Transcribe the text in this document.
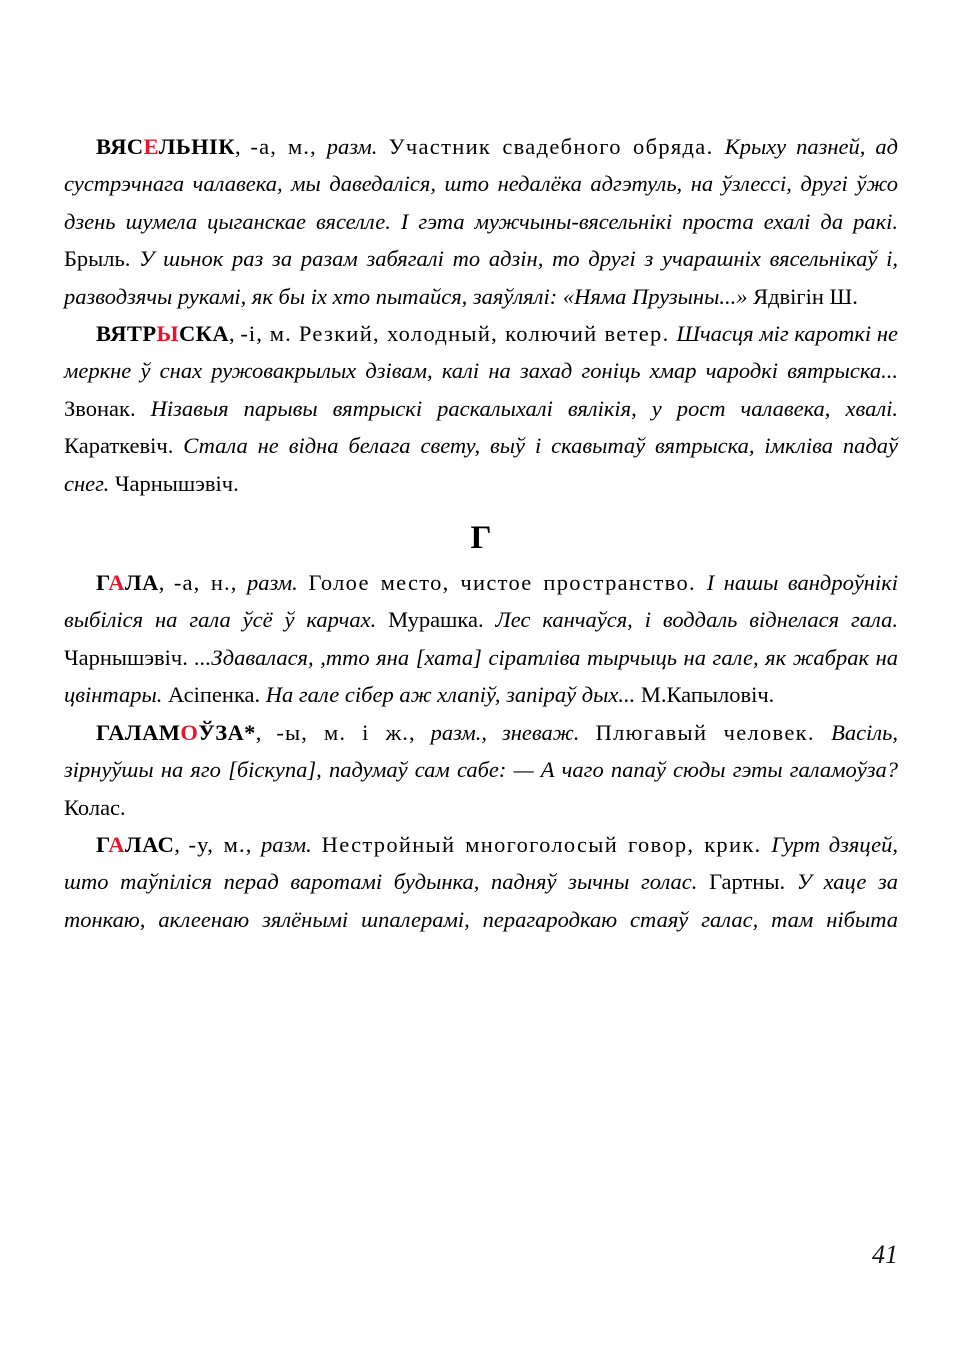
ВЯСЕЛЬНІК, -а, м., разм. Участник свадебного обряда. Крыху пазней, ад сустрэчнага чалавека, мы даведаліся, што недалёка адгэтуль, на ўзлессі, другі ўжо дзень шумела цыганскае вяселле. І гэта мужчыны-вясельнікі проста ехалі да ракі. Брыль. У шьнок раз за разам забягалі то адзін, то другі з учарашніх вясельнікаў і, разводзячы рукамі, як бы іх хто пытайся, заяўлялі: «Няма Прузыны...» Ядвігін Ш.

ВЯТРЫСКА, -і, м. Резкий, холодный, колючий ветер. Шчасця міг кароткі не меркне ў снах ружовакрылых дзівам, калі на захад гоніць хмар чародкі вятрыска... Звонак. Нізавыя парывы вятрыскі раскалыхалі вялікія, у рост чалавека, хвалі. Караткевіч. Стала не відна белага свету, выў і скавытаў вятрыска, імкліва падаў снег. Чарнышэвіч.

Г

ГАЛА, -а, н., разм. Голое место, чистое пространство. І нашы вандроўнікі выбіліся на гала ўсё ў карчах. Мурашка. Лес канчаўся, і воддаль віднелася гала. Чарнышэвіч. ...Здавалася, ,тто яна [хата] сіратліва тырчыць на гале, як жабрак на цвінтары. Асіпенка. На гале сібер аж хлапіў, запіраў дых... М.Капыловіч.

ГАЛАМОЎЗА*, -ы, м. і ж., разм., зневаж. Плюгавый человек. Васіль, зірнуўшы на яго [біскупа], падумаў сам сабе: — А чаго папаў сюды гэты галамоўза? Колас.

ГАЛАС, -у, м., разм. Нестройный многоголосый говор, крик. Гурт дзяцей, што таўпіліся перад варотамі будынка, падняў зычны голас. Гартны. У хаце за тонкаю, аклеенаю зялёнымі шпалерамі, перагародкаю стаяў галас, там нібыта

41
